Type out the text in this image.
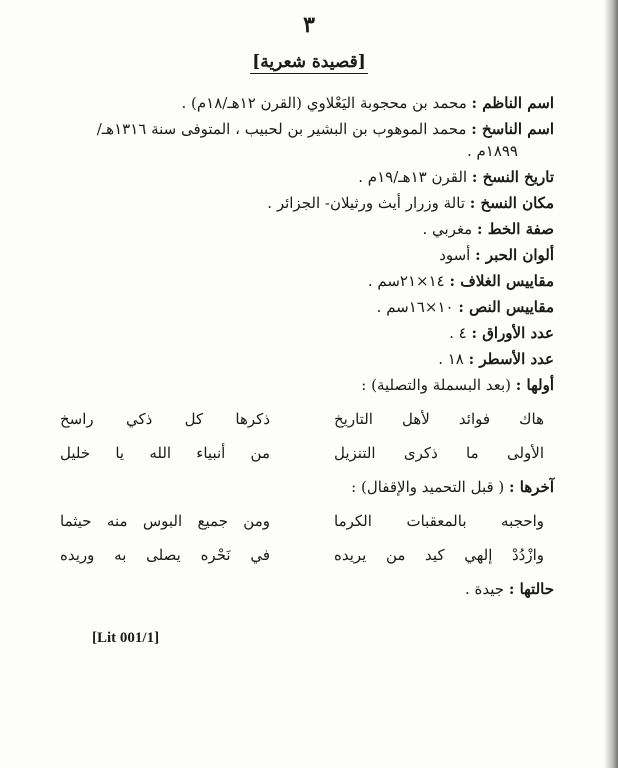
٣
[قصيدة شعرية]
اسم الناظم : محمد بن محجوبة اليَعْلاوي (القرن ١٢هـ/١٨م) .
اسم الناسخ : محمد الموهوب بن البشير بن لحبيب ، المتوفى سنة ١٣١٦هـ/
١٨٩٩م .
تاريخ النسخ : القرن ١٣هـ/١٩م .
مكان النسخ : تالة وزرار أيث ورثيلان- الجزائر .
صفة الخط : مغربي .
ألوان الحبر : أسود
مقاييس الغلاف : ١٤×٢١سم .
مقاييس النص : ١٠×١٦سم .
عدد الأوراق : ٤ .
عدد الأسطر : ١٨ .
أولها : (بعد البسملة والتصلية) :
هاك فوائد لأهل التاريخ
ذكرها كل ذكي راسخ
الأولى ما ذكرى التنزيل
من أنبياء الله يا خليل
آخرها : ( قبل التحميد والإقفال) :
واحجبه بالمعقبات الكرما
ومن جميع البوس منه حيثما
وازْدُدْ إلهي كيد من يريده
في نَحْره يصلى به وريده
حالتها : جيدة .
[Lit 001/1]
